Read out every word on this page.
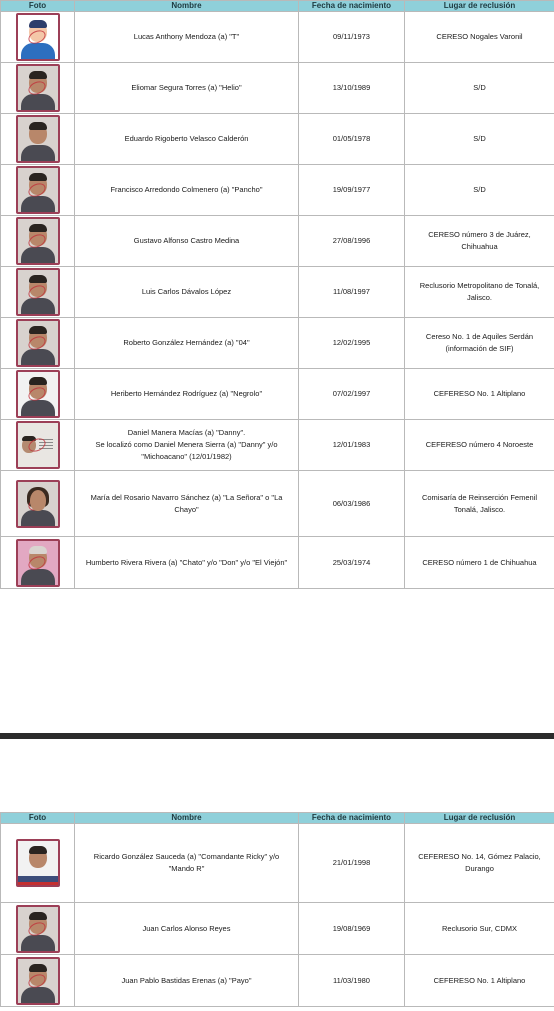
Foto	Nombre	Fecha de nacimiento	Lugar de reclusión

	Lucas Anthony Mendoza (a) "T"	09/11/1973	CERESO Nogales Varonil

	Eliomar Segura Torres (a) "Helio"	13/10/1989	S/D

	Eduardo Rigoberto Velasco Calderón	01/05/1978	S/D

	Francisco Arredondo Colmenero (a) "Pancho"	19/09/1977	S/D

	Gustavo Alfonso Castro Medina	27/08/1996	CERESO número 3 de Juárez, Chihuahua

	Luis Carlos Dávalos López	11/08/1997	Reclusorio Metropolitano de Tonalá, Jalisco.

	Roberto González Hernández (a) "04"	12/02/1995	Cereso No. 1 de Aquiles Serdán (información de SIF)

	Heriberto Hernández Rodríguez (a) "Negrolo"	07/02/1997	CEFERESO No. 1 Altiplano

	Daniel Manera Macías (a) "Danny".
Se localizó como Daniel Menera Sierra (a) "Danny" y/o "Michoacano" (12/01/1982)	12/01/1983	CEFERESO número 4 Noroeste

	María del Rosario Navarro Sánchez (a) "La Señora" o "La Chayo"	06/03/1986	Comisaría de Reinserción Femenil Tonalá, Jalisco.

	Humberto Rivera Rivera (a) "Chato" y/o "Don" y/o "El Viejón"	25/03/1974	CERESO número 1 de Chihuahua
Foto	Nombre	Fecha de nacimiento	Lugar de reclusión

	Ricardo González Sauceda (a) "Comandante Ricky" y/o "Mando R"	21/01/1998	CEFERESO No. 14, Gómez Palacio, Durango

	Juan Carlos Alonso Reyes	19/08/1969	Reclusorio Sur, CDMX

	Juan Pablo Bastidas Erenas (a) "Payo"	11/03/1980	CEFERESO No. 1 Altiplano
